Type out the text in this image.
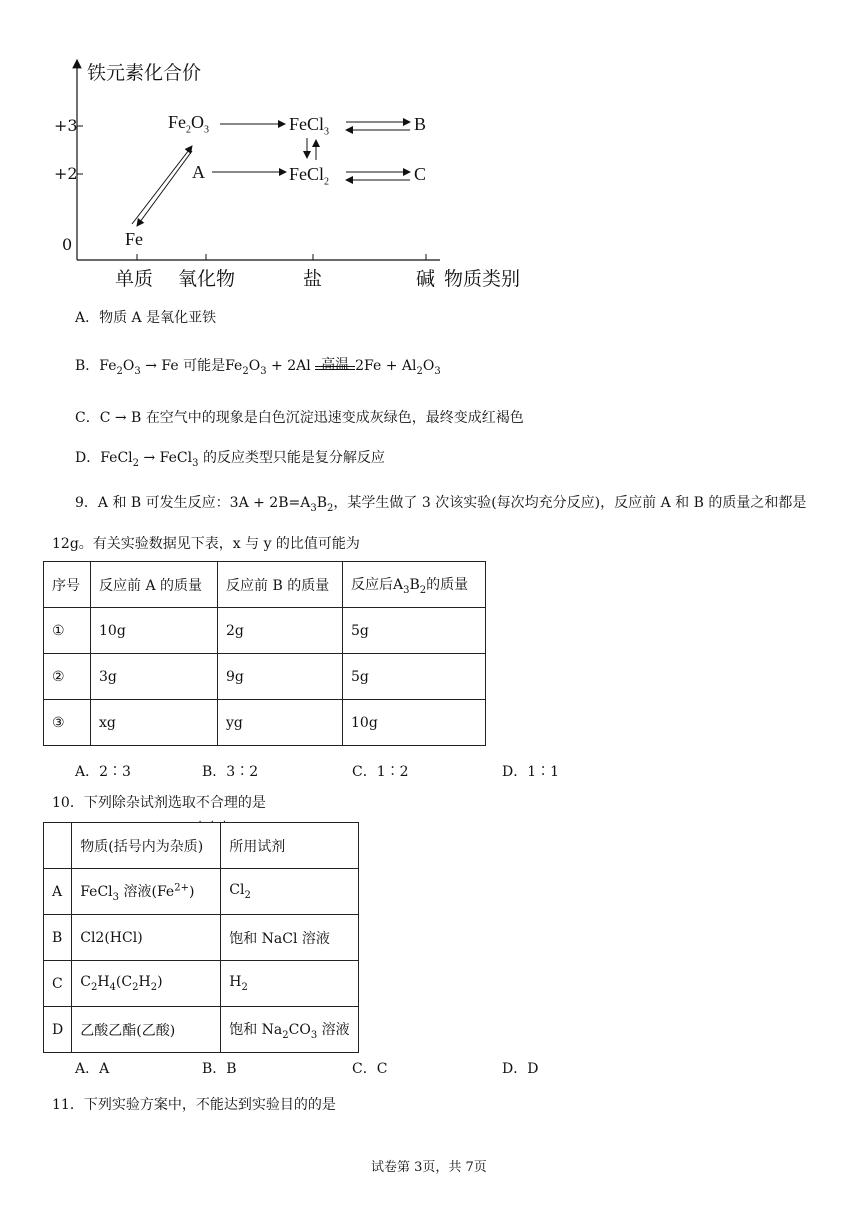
铁元素化合价
+3
+2
0
单质 氧化物	盐	碱 物质类别
$Fe_2O_3$	FeCl$_3$	B
A	FeCl$_2$	C
Fe
A．物质 A 是氧化亚铁
B．$Fe_2O_3 \to Fe$ 可能是$Fe_2O_3 + 2Al$ 高温 $2Fe + Al_2O_3$
C．C → B 在空气中的现象是白色沉淀迅速变成灰绿色，最终变成红褐色
D．FeCl$_2$ → FeCl$_3$ 的反应类型只能是复分解反应
9．A 和 B 可发生反应：$3A + 2B=A_3B_2$，某学生做了 3 次该实验(每次均充分反应)，反应前 A 和 B 的质量之和都是
12g。有关实验数据见下表，x 与 y 的比值可能为
序号	反应前 A 的质量	反应前 B 的质量	反应后$A_3B_2$的质量
①	10g	2g	5g
②	3g	9g	5g
③	xg	yg	10g
A．2∶3	B．3∶2	C．1∶2	D．1∶1
10．下列除杂试剂选取不合理
···
的是
	物质(括号内为杂质)	所用试剂
A	FeCl$_3$ 溶液$(Fe^{2+})$	$Cl_2$
B	Cl2(HCl)	饱和 NaCl 溶液
C	$C_2H_4(C_2H_2)$	$H_2$
D	乙酸乙酯(乙酸)	饱和 $Na_2CO_3$ 溶液
A．A	B．B	C．C	D．D
11．下列实验方案中，不能达到实验目的的是
试卷第 3页，共 7页
